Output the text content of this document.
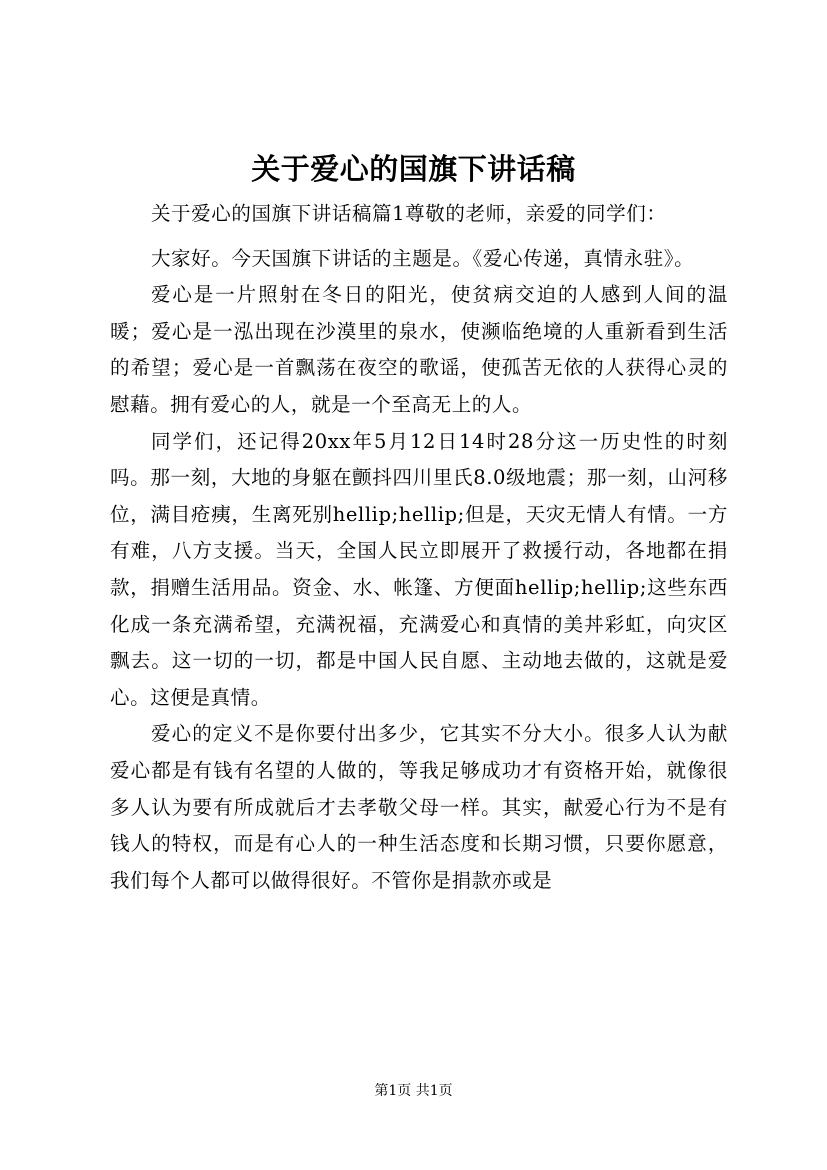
关于爱心的国旗下讲话稿

关于爱心的国旗下讲话稿篇1尊敬的老师，亲爱的同学们：

大家好。今天国旗下讲话的主题是。《爱心传递，真情永驻》。

爱心是一片照射在冬日的阳光，使贫病交迫的人感到人间的温暖；爱心是一泓出现在沙漠里的泉水，使濒临绝境的人重新看到生活的希望；爱心是一首飘荡在夜空的歌谣，使孤苦无依的人获得心灵的慰藉。拥有爱心的人，就是一个至高无上的人。

同学们，还记得20xx年5月12日14时28分这一历史性的时刻吗。那一刻，大地的身躯在颤抖四川里氏8.0级地震；那一刻，山河移位，满目疮痍，生离死别hellip;hellip;但是，天灾无情人有情。一方有难，八方支援。当天，全国人民立即展开了救援行动，各地都在捐款，捐赠生活用品。资金、水、帐篷、方便面hellip;hellip;这些东西化成一条充满希望，充满祝福，充满爱心和真情的美丼彩虹，向灾区飘去。这一切的一切，都是中国人民自愿、主动地去做的，这就是爱心。这便是真情。

爱心的定义不是你要付出多少，它其实不分大小。很多人认为献爱心都是有钱有名望的人做的，等我足够成功才有资格开始，就像很多人认为要有所成就后才去孝敬父母一样。其实，献爱心行为不是有钱人的特权，而是有心人的一种生活态度和长期习惯，只要你愿意，我们每个人都可以做得很好。不管你是捐款亦或是

第1页 共1页
